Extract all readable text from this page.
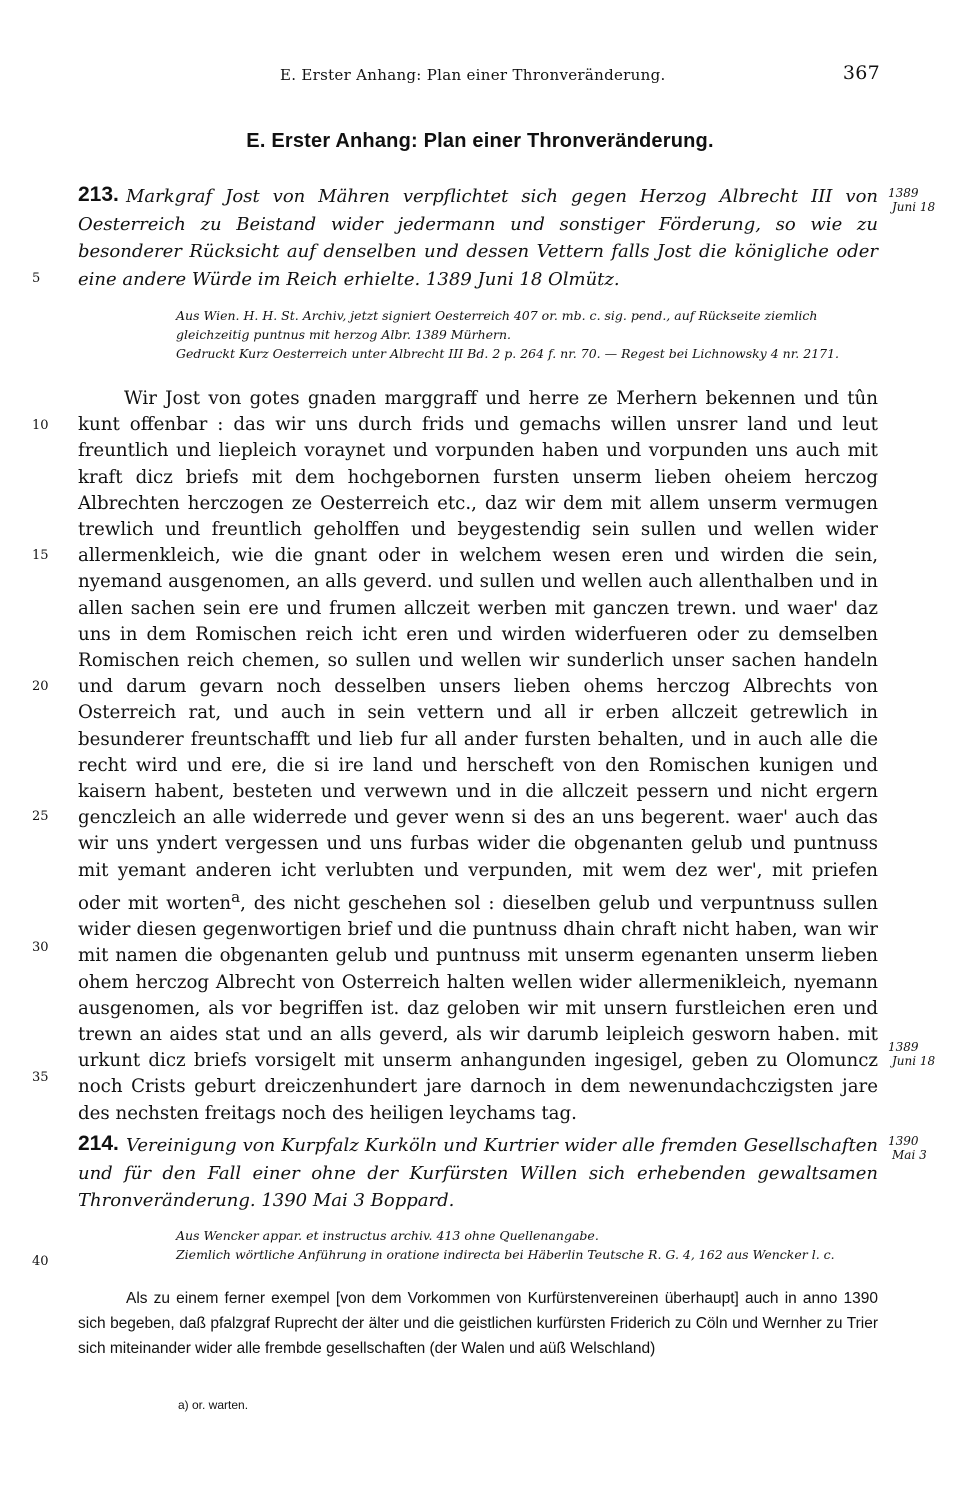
E. Erster Anhang: Plan einer Thronveränderung.	367
E. Erster Anhang: Plan einer Thronveränderung.
213. Markgraf Jost von Mähren verpflichtet sich gegen Herzog Albrecht III von Oesterreich zu Beistand wider jedermann und sonstiger Förderung, so wie zu besonderer Rücksicht auf denselben und dessen Vettern falls Jost die königliche oder eine andere Würde im Reich erhielte. 1389 Juni 18 Olmütz.

1389
Juni 18

Aus Wien. H. H. St. Archiv, jetzt signiert Oesterreich 407 or. mb. c. sig. pend., auf Rückseite ziemlich gleichzeitig puntnus mit herzog Albr. 1389 Mürhern.

Gedruckt Kurz Oesterreich unter Albrecht III Bd. 2 p. 264 f. nr. 70. — Regest bei Lichnowsky 4 nr. 2171.

Wir Jost von gotes gnaden marggraff und herre ze Merhern bekennen und tûn kunt offenbar : das wir uns durch frids und gemachs willen unsrer land und leut freuntlich und liepleich voraynet und vorpunden haben und vorpunden uns auch mit kraft dicz briefs mit dem hochgebornen fursten unserm lieben oheiem herczog Albrechten herczogen ze Oesterreich etc., daz wir dem mit allem unserm vermugen trewlich und freuntlich geholffen und beygestendig sein sullen und wellen wider allermenkleich, wie die gnant oder in welchem wesen eren und wirden die sein, nyemand ausgenomen, an alls geverd. und sullen und wellen auch allenthalben und in allen sachen sein ere und frumen allczeit werben mit ganczen trewn. und waer' daz uns in dem Romischen reich icht eren und wirden widerfueren oder zu demselben Romischen reich chemen, so sullen und wellen wir sunderlich unser sachen handeln und darum gevarn noch desselben unsers lieben ohems herczog Albrechts von Osterreich rat, und auch in sein vettern und all ir erben allczeit getrewlich in besunderer freuntschafft und lieb fur all ander fursten behalten, und in auch alle die recht wird und ere, die si ire land und herscheft von den Romischen kunigen und kaisern habent, besteten und verwewn und in die allczeit pessern und nicht ergern genczleich an alle widerrede und gever wenn si des an uns begerent. waer' auch das wir uns yndert vergessen und uns furbas wider die obgenanten gelub und puntnuss mit yemant anderen icht verlubten und verpunden, mit wem dez wer', mit priefen oder mit worten$^a$, des nicht geschehen sol : dieselben gelub und verpuntnuss sullen wider diesen gegenwortigen brief und die puntnuss dhain chraft nicht haben, wan wir mit namen die obgenanten gelub und puntnuss mit unserm egenanten unserm lieben ohem herczog Albrecht von Osterreich halten wellen wider allermenikleich, nyemann ausgenomen, als vor begriffen ist. daz geloben wir mit unsern furstleichen eren und trewn an aides stat und an alls geverd, als wir darumb leipleich gesworn haben. mit urkunt dicz briefs vorsigelt mit unserm anhangunden ingesigel, geben zu Olomuncz noch Crists geburt dreiczenhundert jare darnoch in dem newenundachczigsten jare des nechsten freitags noch des heiligen leychams tag.

1389
Juni 18
5
10
15
20
25
30
35
40
214. Vereinigung von Kurpfalz Kurköln und Kurtrier wider alle fremden Gesellschaften und für den Fall einer ohne der Kurfürsten Willen sich erhebenden gewaltsamen Thronveränderung. 1390 Mai 3 Boppard.

1390
Mai 3

Aus Wencker appar. et instructus archiv. 413 ohne Quellenangabe.

Ziemlich wörtliche Anführung in oratione indirecta bei Häberlin Teutsche R. G. 4, 162 aus Wencker l. c.

Als zu einem ferner exempel [von dem Vorkommen von Kurfürstenvereinen überhaupt] auch in anno 1390 sich begeben, daß pfalzgraf Ruprecht der älter und die geistlichen kurfürsten Friderich zu Cöln und Wernher zu Trier sich miteinander wider alle frembde gesellschaften (der Walen und aüß Welschland)

a) or. warten.
